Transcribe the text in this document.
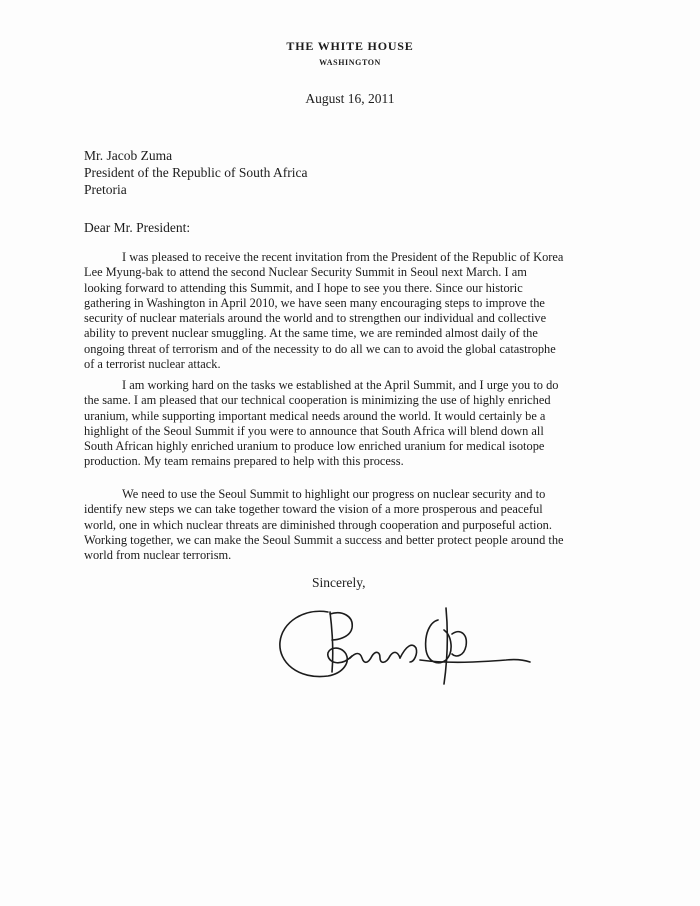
THE WHITE HOUSE
WASHINGTON
August 16, 2011
Mr. Jacob Zuma
President of the Republic of South Africa
Pretoria
Dear Mr. President:
I was pleased to receive the recent invitation from the President of the Republic of Korea
Lee Myung-bak to attend the second Nuclear Security Summit in Seoul next March. I am
looking forward to attending this Summit, and I hope to see you there. Since our historic
gathering in Washington in April 2010, we have seen many encouraging steps to improve the
security of nuclear materials around the world and to strengthen our individual and collective
ability to prevent nuclear smuggling. At the same time, we are reminded almost daily of the
ongoing threat of terrorism and of the necessity to do all we can to avoid the global catastrophe
of a terrorist nuclear attack.
I am working hard on the tasks we established at the April Summit, and I urge you to do
the same. I am pleased that our technical cooperation is minimizing the use of highly enriched
uranium, while supporting important medical needs around the world. It would certainly be a
highlight of the Seoul Summit if you were to announce that South Africa will blend down all
South African highly enriched uranium to produce low enriched uranium for medical isotope
production. My team remains prepared to help with this process.
We need to use the Seoul Summit to highlight our progress on nuclear security and to
identify new steps we can take together toward the vision of a more prosperous and peaceful
world, one in which nuclear threats are diminished through cooperation and purposeful action.
Working together, we can make the Seoul Summit a success and better protect people around the
world from nuclear terrorism.
Sincerely,
